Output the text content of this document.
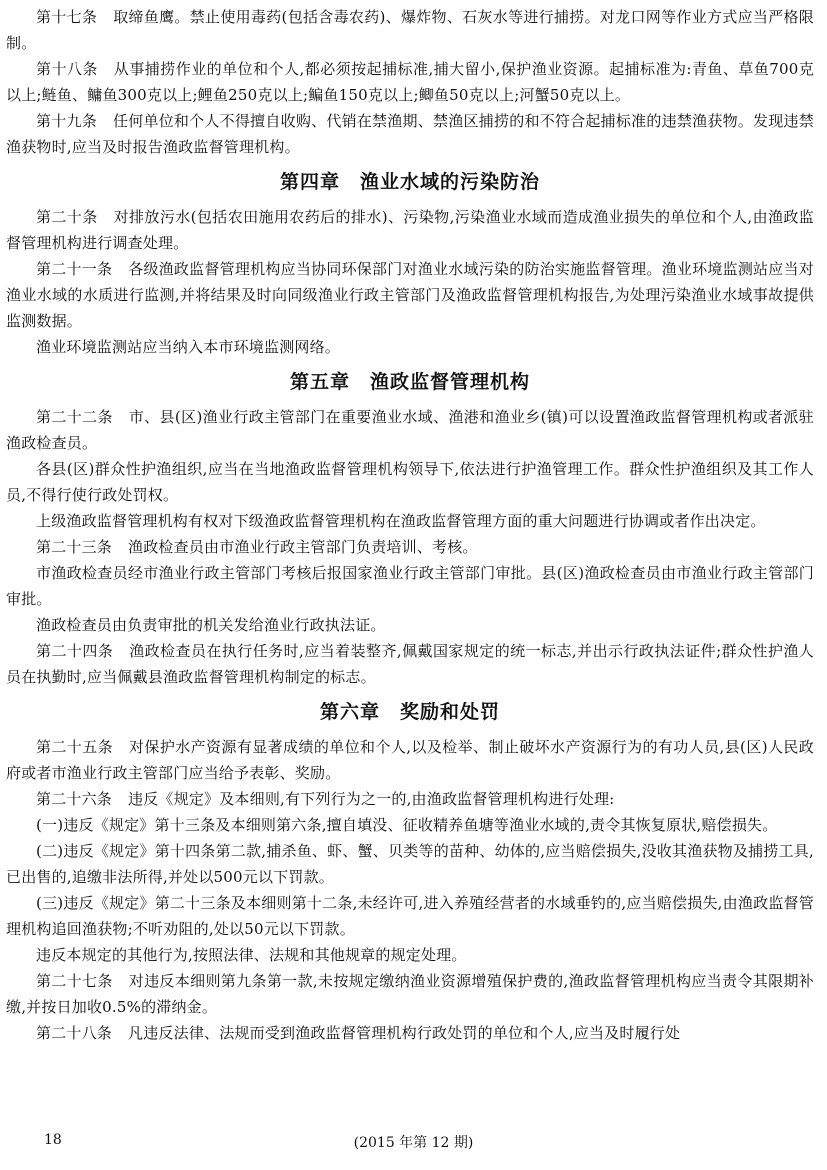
第十七条 取缔鱼鹰。禁止使用毒药(包括含毒农药)、爆炸物、石灰水等进行捕捞。对龙口网等作业方式应当严格限制。

第十八条 从事捕捞作业的单位和个人,都必须按起捕标准,捕大留小,保护渔业资源。起捕标准为:青鱼、草鱼700克以上;鲢鱼、鳙鱼300克以上;鲤鱼250克以上;鳊鱼150克以上;鲫鱼50克以上;河蟹50克以上。

第十九条 任何单位和个人不得擅自收购、代销在禁渔期、禁渔区捕捞的和不符合起捕标准的违禁渔获物。发现违禁渔获物时,应当及时报告渔政监督管理机构。

第四章　渔业水域的污染防治

第二十条 对排放污水(包括农田施用农药后的排水)、污染物,污染渔业水域而造成渔业损失的单位和个人,由渔政监督管理机构进行调查处理。

第二十一条 各级渔政监督管理机构应当协同环保部门对渔业水域污染的防治实施监督管理。渔业环境监测站应当对渔业水域的水质进行监测,并将结果及时向同级渔业行政主管部门及渔政监督管理机构报告,为处理污染渔业水域事故提供监测数据。

渔业环境监测站应当纳入本市环境监测网络。

第五章　渔政监督管理机构

第二十二条 市、县(区)渔业行政主管部门在重要渔业水域、渔港和渔业乡(镇)可以设置渔政监督管理机构或者派驻渔政检查员。

各县(区)群众性护渔组织,应当在当地渔政监督管理机构领导下,依法进行护渔管理工作。群众性护渔组织及其工作人员,不得行使行政处罚权。

上级渔政监督管理机构有权对下级渔政监督管理机构在渔政监督管理方面的重大问题进行协调或者作出决定。

第二十三条 渔政检查员由市渔业行政主管部门负责培训、考核。

市渔政检查员经市渔业行政主管部门考核后报国家渔业行政主管部门审批。县(区)渔政检查员由市渔业行政主管部门审批。

渔政检查员由负责审批的机关发给渔业行政执法证。

第二十四条 渔政检查员在执行任务时,应当着装整齐,佩戴国家规定的统一标志,并出示行政执法证件;群众性护渔人员在执勤时,应当佩戴县渔政监督管理机构制定的标志。

第六章　奖励和处罚

第二十五条 对保护水产资源有显著成绩的单位和个人,以及检举、制止破坏水产资源行为的有功人员,县(区)人民政府或者市渔业行政主管部门应当给予表彰、奖励。

第二十六条 违反《规定》及本细则,有下列行为之一的,由渔政监督管理机构进行处理:

(一)违反《规定》第十三条及本细则第六条,擅自填没、征收精养鱼塘等渔业水域的,责令其恢复原状,赔偿损失。

(二)违反《规定》第十四条第二款,捕杀鱼、虾、蟹、贝类等的苗种、幼体的,应当赔偿损失,没收其渔获物及捕捞工具,已出售的,追缴非法所得,并处以500元以下罚款。

(三)违反《规定》第二十三条及本细则第十二条,未经许可,进入养殖经营者的水域垂钓的,应当赔偿损失,由渔政监督管理机构追回渔获物;不听劝阻的,处以50元以下罚款。

违反本规定的其他行为,按照法律、法规和其他规章的规定处理。

第二十七条 对违反本细则第九条第一款,未按规定缴纳渔业资源增殖保护费的,渔政监督管理机构应当责令其限期补缴,并按日加收0.5%的滞纳金。

第二十八条 凡违反法律、法规而受到渔政监督管理机构行政处罚的单位和个人,应当及时履行处

18	(2015 年第 12 期)
